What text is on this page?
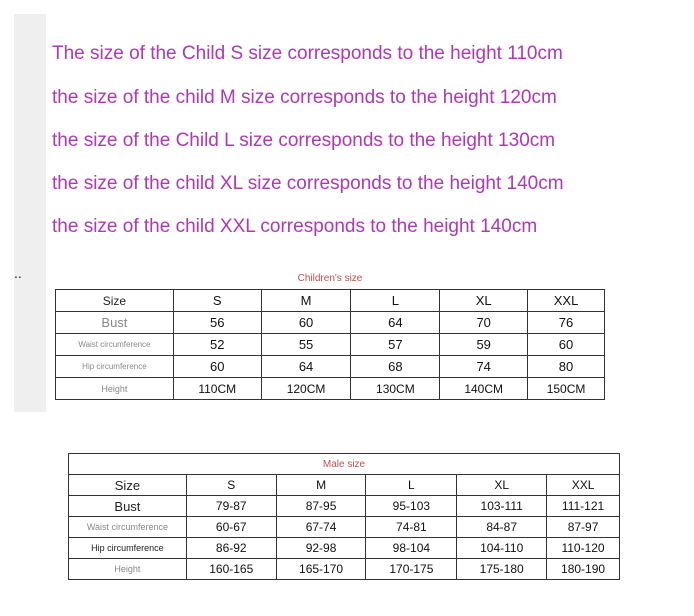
..
The size of the Child S size corresponds to the height 110cm
the size of the child M size corresponds to the height 120cm
the size of the Child L size corresponds to the height 130cm
the size of the child XL size corresponds to the height 140cm
the size of the child XXL corresponds to the height 140cm
Children's size					
Size	S	M	L	XL	XXL
Bust	56	60	64	70	76
Waist circumference	52	55	57	59	60
Hip circumference	60	64	68	74	80
Height	110CM	120CM	130CM	140CM	150CM
Male size					
Size	S	M	L	XL	XXL
Bust	79-87	87-95	95-103	103-111	111-121
Waist circumference	60-67	67-74	74-81	84-87	87-97
Hip circumference	86-92	92-98	98-104	104-110	110-120
Height	160-165	165-170	170-175	175-180	180-190
